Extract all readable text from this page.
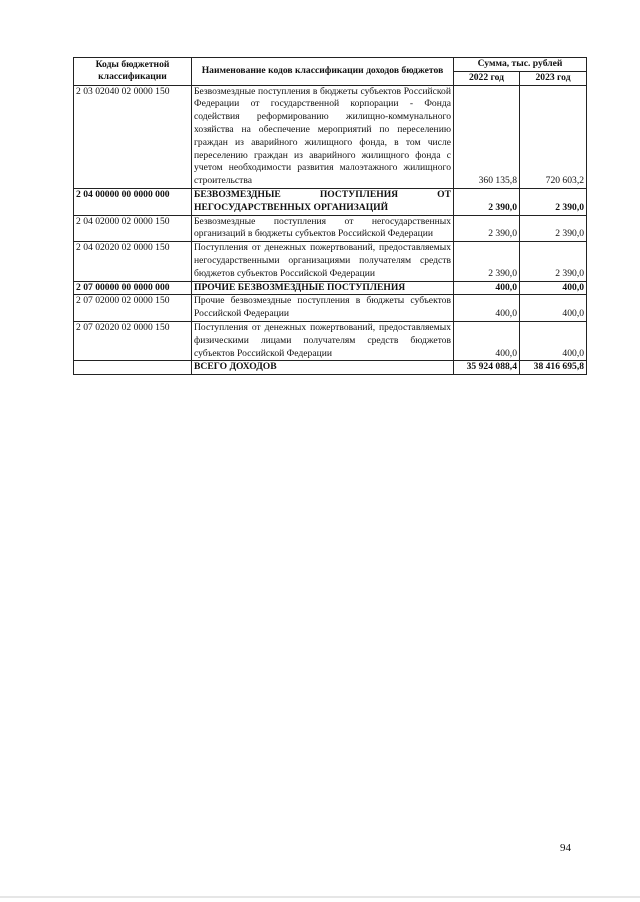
Коды бюджетной классификации	Наименование кодов классификации доходов бюджетов	Сумма, тыс. рублей	
		2022 год	2023 год
2 03 02040 02 0000 150	Безвозмездные поступления в бюджеты субъектов Российской Федерации от государственной корпорации - Фонда содействия реформированию жилищно-коммунального хозяйства на обеспечение мероприятий по переселению граждан из аварийного жилищного фонда, в том числе переселению граждан из аварийного жилищного фонда с учетом необходимости развития малоэтажного жилищного строительства	360 135,8	720 603,2
2 04 00000 00 0000 000	БЕЗВОЗМЕЗДНЫЕ ПОСТУПЛЕНИЯ ОТ НЕГОСУДАРСТВЕННЫХ ОРГАНИЗАЦИЙ	2 390,0	2 390,0
2 04 02000 02 0000 150	Безвозмездные поступления от негосударственных организаций в бюджеты субъектов Российской Федерации	2 390,0	2 390,0
2 04 02020 02 0000 150	Поступления от денежных пожертвований, предоставляемых негосударственными организациями получателям средств бюджетов субъектов Российской Федерации	2 390,0	2 390,0
2 07 00000 00 0000 000	ПРОЧИЕ БЕЗВОЗМЕЗДНЫЕ ПОСТУПЛЕНИЯ	400,0	400,0
2 07 02000 02 0000 150	Прочие безвозмездные поступления в бюджеты субъектов Российской Федерации	400,0	400,0
2 07 02020 02 0000 150	Поступления от денежных пожертвований, предоставляемых физическими лицами получателям средств бюджетов субъектов Российской Федерации	400,0	400,0
	ВСЕГО ДОХОДОВ	35 924 088,4	38 416 695,8
94
